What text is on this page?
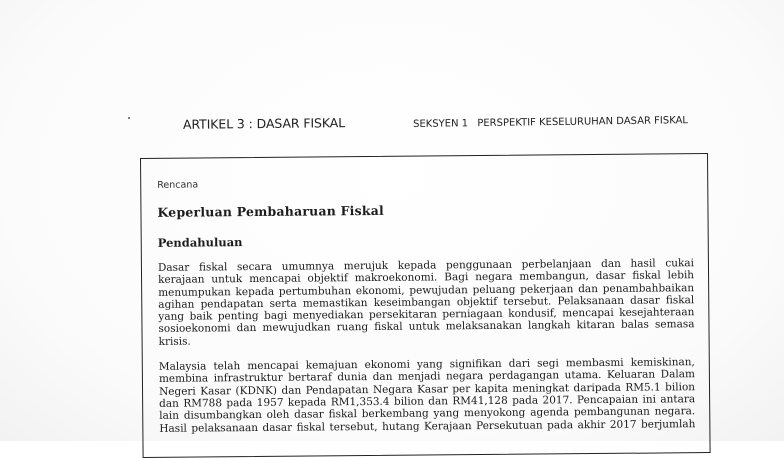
ARTIKEL 3 : DASAR FISKAL	SEKSYEN 1 PERSPEKTIF KESELURUHAN DASAR FISKAL
Rencana
Keperluan Pembaharuan Fiskal
Pendahuluan
Dasar fiskal secara umumnya merujuk kepada penggunaan perbelanjaan dan hasil cukai
kerajaan untuk mencapai objektif makroekonomi. Bagi negara membangun, dasar fiskal lebih
menumpukan kepada pertumbuhan ekonomi, pewujudan peluang pekerjaan dan penambahbaikan
agihan pendapatan serta memastikan keseimbangan objektif tersebut. Pelaksanaan dasar fiskal
yang baik penting bagi menyediakan persekitaran perniagaan kondusif, mencapai kesejahteraan
sosioekonomi dan mewujudkan ruang fiskal untuk melaksanakan langkah kitaran balas semasa
krisis.
Malaysia telah mencapai kemajuan ekonomi yang signifikan dari segi membasmi kemiskinan,
membina infrastruktur bertaraf dunia dan menjadi negara perdagangan utama. Keluaran Dalam
Negeri Kasar (KDNK) dan Pendapatan Negara Kasar per kapita meningkat daripada RM5.1 bilion
dan RM788 pada 1957 kepada RM1,353.4 bilion dan RM41,128 pada 2017. Pencapaian ini antara
lain disumbangkan oleh dasar fiskal berkembang yang menyokong agenda pembangunan negara.
Hasil pelaksanaan dasar fiskal tersebut, hutang Kerajaan Persekutuan pada akhir 2017 berjumlah
